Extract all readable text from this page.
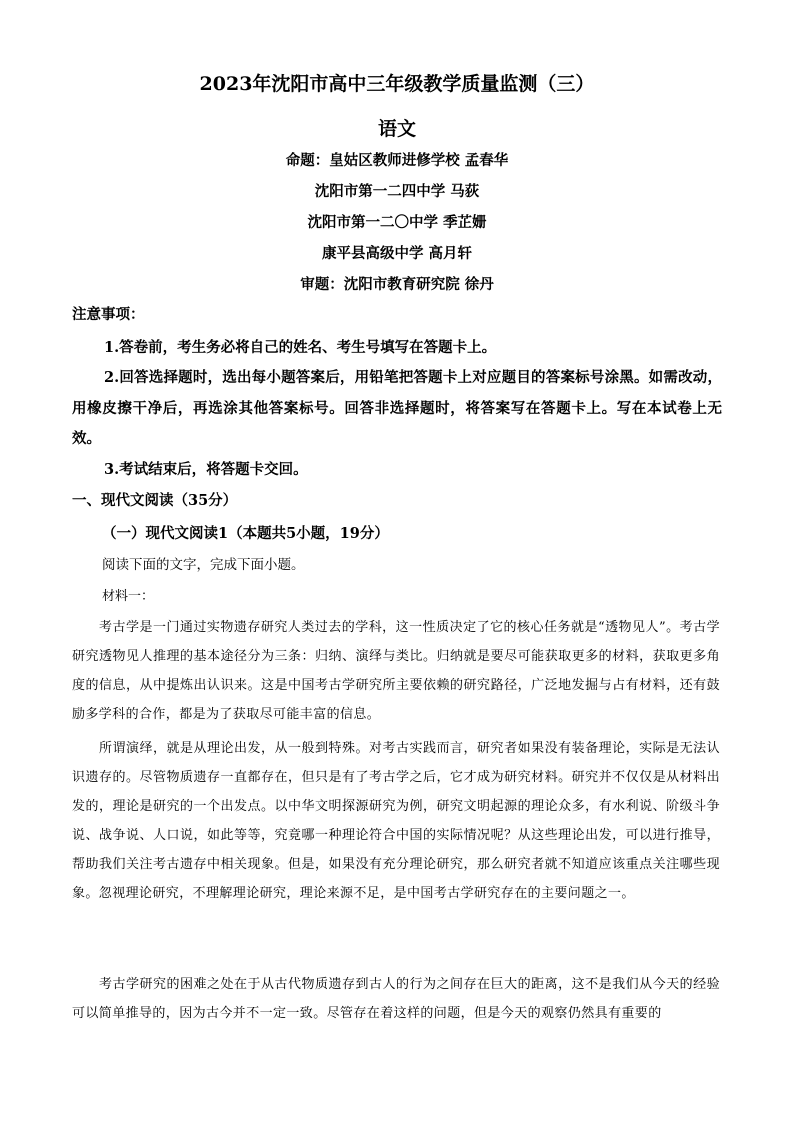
2023年沈阳市高中三年级教学质量监测（三）
语文
命题：皇姑区教师进修学校 孟春华
沈阳市第一二四中学 马荻
沈阳市第一二〇中学 季芷姗
康平县高级中学 高月轩
审题：沈阳市教育研究院 徐丹
注意事项：

1.答卷前，考生务必将自己的姓名、考生号填写在答题卡上。

2.回答选择题时，选出每小题答案后，用铅笔把答题卡上对应题目的答案标号涂黑。如需改动，用橡皮擦干净后，再选涂其他答案标号。回答非选择题时，将答案写在答题卡上。写在本试卷上无效。

3.考试结束后，将答题卡交回。

一、现代文阅读（35分）
（一）现代文阅读1（本题共5小题，19分）
阅读下面的文字，完成下面小题。
材料一：

考古学是一门通过实物遗存研究人类过去的学科，这一性质决定了它的核心任务就是“透物见人”。考古学研究透物见人推理的基本途径分为三条：归纳、演绎与类比。归纳就是要尽可能获取更多的材料，获取更多角度的信息，从中提炼出认识来。这是中国考古学研究所主要依赖的研究路径，广泛地发掘与占有材料，还有鼓励多学科的合作，都是为了获取尽可能丰富的信息。

所谓演绎，就是从理论出发，从一般到特殊。对考古实践而言，研究者如果没有装备理论，实际是无法认识遗存的。尽管物质遗存一直都存在，但只是有了考古学之后，它才成为研究材料。研究并不仅仅是从材料出发的，理论是研究的一个出发点。以中华文明探源研究为例，研究文明起源的理论众多，有水利说、阶级斗争说、战争说、人口说，如此等等，究竟哪一种理论符合中国的实际情况呢？从这些理论出发，可以进行推导，帮助我们关注考古遗存中相关现象。但是，如果没有充分理论研究，那么研究者就不知道应该重点关注哪些现象。忽视理论研究，不理解理论研究，理论来源不足，是中国考古学研究存在的主要问题之一。

考古学研究的困难之处在于从古代物质遗存到古人的行为之间存在巨大的距离，这不是我们从今天的经验可以简单推导的，因为古今并不一定一致。尽管存在着这样的问题，但是今天的观察仍然具有重要的
